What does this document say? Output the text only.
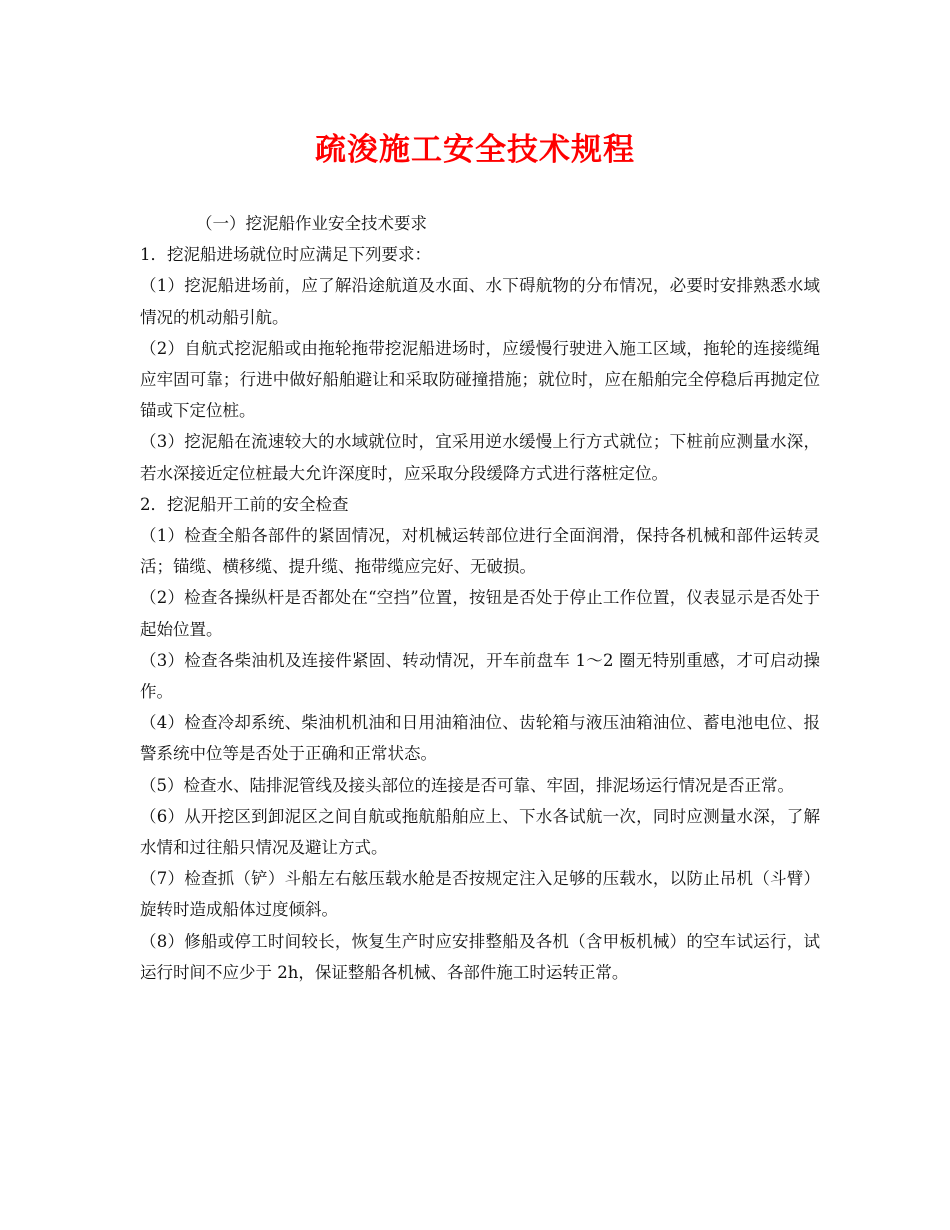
疏浚施工安全技术规程

（一）挖泥船作业安全技术要求

1．挖泥船进场就位时应满足下列要求：

（1）挖泥船进场前，应了解沿途航道及水面、水下碍航物的分布情况，必要时安排熟悉水域情况的机动船引航。

（2）自航式挖泥船或由拖轮拖带挖泥船进场时，应缓慢行驶进入施工区域，拖轮的连接缆绳应牢固可靠；行进中做好船舶避让和采取防碰撞措施；就位时，应在船舶完全停稳后再抛定位锚或下定位桩。

（3）挖泥船在流速较大的水域就位时，宜采用逆水缓慢上行方式就位；下桩前应测量水深，若水深接近定位桩最大允许深度时，应采取分段缓降方式进行落桩定位。

2．挖泥船开工前的安全检查

（1）检查全船各部件的紧固情况，对机械运转部位进行全面润滑，保持各机械和部件运转灵活；锚缆、横移缆、提升缆、拖带缆应完好、无破损。

（2）检查各操纵杆是否都处在“空挡”位置，按钮是否处于停止工作位置，仪表显示是否处于起始位置。

（3）检查各柴油机及连接件紧固、转动情况，开车前盘车 1～2 圈无特别重感，才可启动操作。

（4）检查冷却系统、柴油机机油和日用油箱油位、齿轮箱与液压油箱油位、蓄电池电位、报警系统中位等是否处于正确和正常状态。

（5）检查水、陆排泥管线及接头部位的连接是否可靠、牢固，排泥场运行情况是否正常。

（6）从开挖区到卸泥区之间自航或拖航船舶应上、下水各试航一次，同时应测量水深，了解水情和过往船只情况及避让方式。

（7）检查抓（铲）斗船左右舷压载水舱是否按规定注入足够的压载水，以防止吊机（斗臂）旋转时造成船体过度倾斜。

（8）修船或停工时间较长，恢复生产时应安排整船及各机（含甲板机械）的空车试运行，试运行时间不应少于 2h，保证整船各机械、各部件施工时运转正常。
